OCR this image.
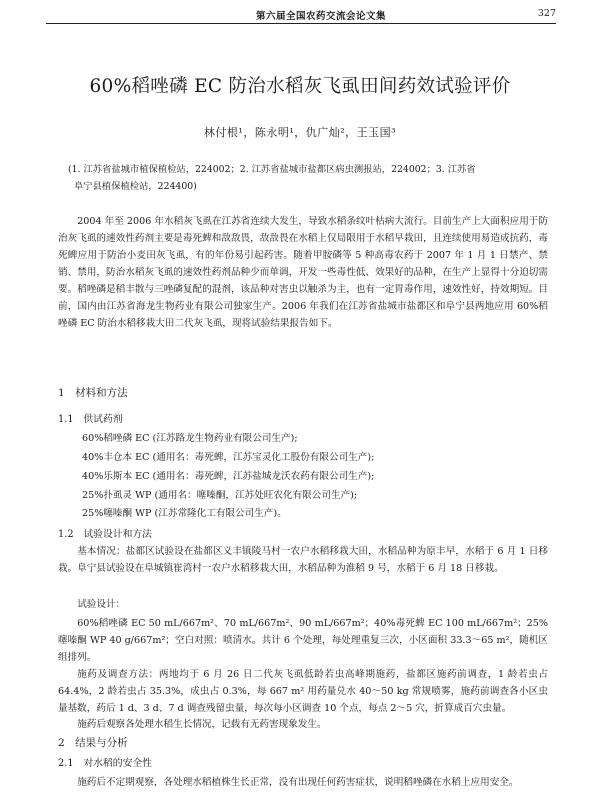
第六届全国农药交流会论文集	327
60%稻唑磷 EC 防治水稻灰飞虱田间药效试验评价
林付根¹，陈永明¹，仇广灿²，王玉国³
(1. 江苏省盐城市植保植检站，224002；2. 江苏省盐城市盐都区病虫测报站，224002；3. 江苏省
阜宁县植保植检站，224400)
2004 年至 2006 年水稻灰飞虱在江苏省连续大发生，导致水稻条纹叶枯病大流行。目前生产上大面积应用于防治灰飞虱的速效性药剂主要是毒死蜱和敌敌畏，敌敌畏在水稻上仅局限用于水稻早栽田，且连续使用易造成抗药，毒死蜱应用于防治小麦田灰飞虱，有的年份易引起药害。随着甲胺磷等 5 种高毒农药于 2007 年 1 月 1 日禁产、禁销、禁用，防治水稻灰飞虱的速效性药剂品种少而单调，开发一些毒性低、效果好的品种，在生产上显得十分迫切需要。稻唑磷是稻丰散与三唑磷复配的混剂，该品种对害虫以触杀为主，也有一定胃毒作用，速效性好，持效期短。目前，国内由江苏省海龙生物药业有限公司独家生产。2006 年我们在江苏省盐城市盐都区和阜宁县两地应用 60%稻唑磷 EC 防治水稻移栽大田二代灰飞虱，现将试验结果报告如下。
1　材料和方法
1.1　供试药剂
60%稻唑磷 EC (江苏路龙生物药业有限公司生产);
40%丰仓本 EC (通用名：毒死蜱，江苏宝灵化工股份有限公司生产);
40%乐斯本 EC (通用名：毒死蜱，江苏盐城龙沃农药有限公司生产);
25%扑虱灵 WP (通用名：噻嗪酮，江苏处旺农化有限公司生产);
25%噻嗪酮 WP (江苏常隆化工有限公司生产)。
1.2　试验设计和方法
基本情况：盐都区试验设在盐都区义丰镇陵马村一农户水稻移栽大田，水稻品种为原丰早，水稻于 6 月 1 日移栽。阜宁县试验设在阜城镇崔湾村一农户水稻移栽大田，水稻品种为淮稻 9 号，水稻于 6 月 18 日移栽。
试验设计：
60%稻唑磷 EC 50 mL/667m²、70 mL/667m²、90 mL/667m²；40%毒死蜱 EC 100 mL/667m²；25%噻嗪酮 WP 40 g/667m²；空白对照：喷清水。共计 6 个处理，每处理重复三次，小区面积 33.3～65 m²，随机区组排列。
施药及调查方法：两地均于 6 月 26 日二代灰飞虱低龄若虫高峰期施药，盐都区施药前调查，1 龄若虫占 64.4%，2 龄若虫占 35.3%，成虫占 0.3%，每 667 m² 用药量兑水 40～50 kg 常规喷雾，施药前调查各小区虫量基数，药后 1 d、3 d、7 d 调查残留虫量，每次每小区调查 10 个点，每点 2～5 穴，折算成百穴虫量。
施药后观察各处理水稻生长情况，记载有无药害现象发生。
2　结果与分析
2.1　对水稻的安全性
施药后不定期观察，各处理水稻植株生长正常，没有出现任何药害症状，说明稻唑磷在水稻上应用安全。
